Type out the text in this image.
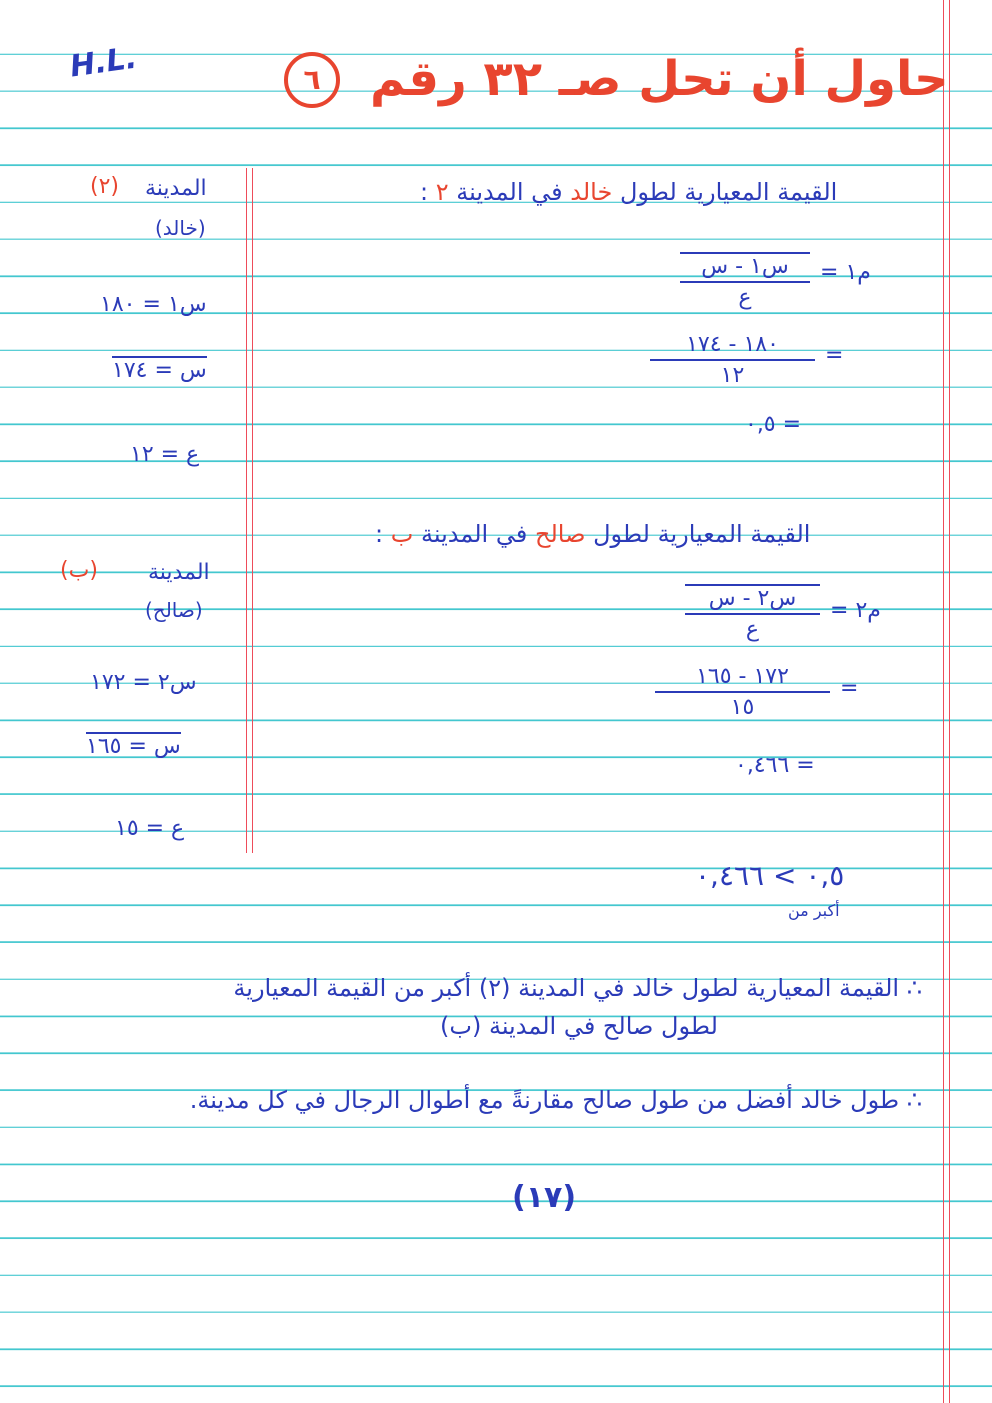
H.L.	حاول أن تحل صـ ٣٢ رقم
٦
(٢) المدينة
(خالد)
س١ = ١٨٠
س = ١٧٤
ع = ١٢
(ب) المدينة
(صالح)
س٢ = ١٧٢
س = ١٦٥
ع = ١٥
القيمة المعيارية لطول خالد في المدينة ٢ :
م١ =
س١ - س
ع
١٨٠ - ١٧٤
١٢
=
= ٠,٥
القيمة المعيارية لطول صالح في المدينة ب :
م٢ =
س٢ - س
ع
١٧٢ - ١٦٥
١٥
=
= ٠,٤٦٦
٠,٥ > ٠,٤٦٦
أكبر من
∴ القيمة المعيارية لطول خالد في المدينة (٢) أكبر من القيمة المعيارية
لطول صالح في المدينة (ب)
∴ طول خالد أفضل من طول صالح مقارنةً مع أطوال الرجال في كل مدينة.
(١٧)
